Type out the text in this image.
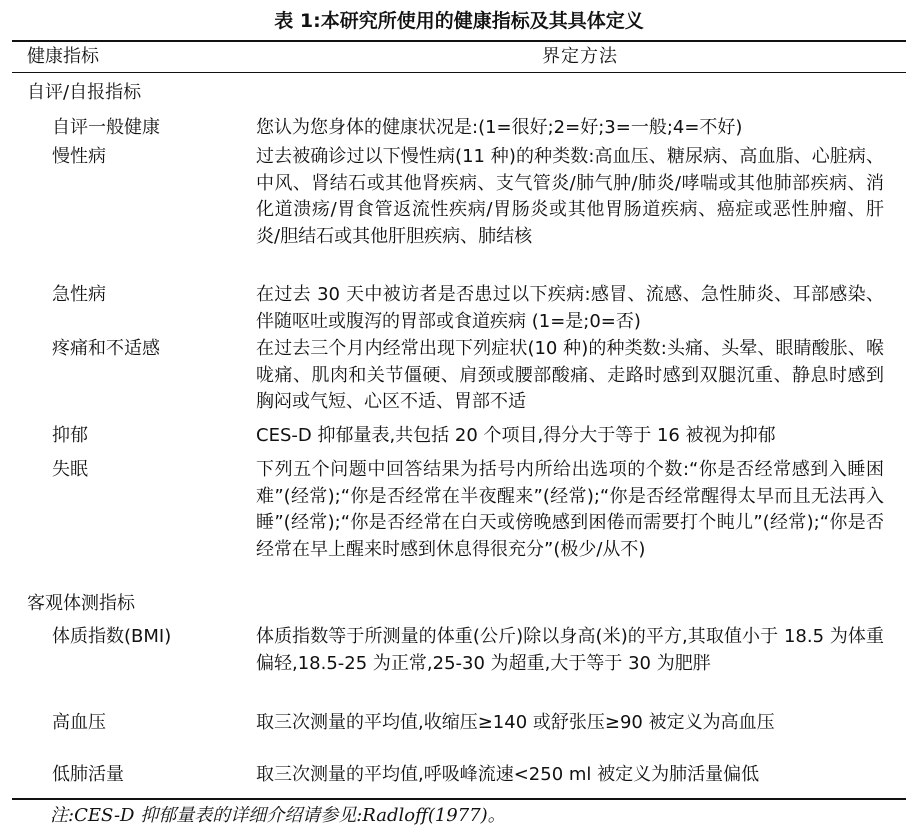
表 1:本研究所使用的健康指标及其具体定义
健康指标	界定方法
自评/自报指标
自评一般健康	您认为您身体的健康状况是:(1=很好;2=好;3=一般;4=不好)
慢性病	过去被确诊过以下慢性病(11 种)的种类数:高血压、糖尿病、高血脂、心脏病、中风、肾结石或其他肾疾病、支气管炎/肺气肿/肺炎/哮喘或其他肺部疾病、消化道溃疡/胃食管返流性疾病/胃肠炎或其他胃肠道疾病、癌症或恶性肿瘤、肝炎/胆结石或其他肝胆疾病、肺结核
急性病	在过去 30 天中被访者是否患过以下疾病:感冒、流感、急性肺炎、耳部感染、伴随呕吐或腹泻的胃部或食道疾病 (1=是;0=否)
疼痛和不适感	在过去三个月内经常出现下列症状(10 种)的种类数:头痛、头晕、眼睛酸胀、喉咙痛、肌肉和关节僵硬、肩颈或腰部酸痛、走路时感到双腿沉重、静息时感到胸闷或气短、心区不适、胃部不适
抑郁	CES-D 抑郁量表,共包括 20 个项目,得分大于等于 16 被视为抑郁
失眠	下列五个问题中回答结果为括号内所给出选项的个数:“你是否经常感到入睡困难”(经常);“你是否经常在半夜醒来”(经常);“你是否经常醒得太早而且无法再入睡”(经常);“你是否经常在白天或傍晚感到困倦而需要打个盹儿”(经常);“你是否经常在早上醒来时感到休息得很充分”(极少/从不)
客观体测指标
体质指数(BMI)	体质指数等于所测量的体重(公斤)除以身高(米)的平方,其取值小于 18.5 为体重偏轻,18.5-25 为正常,25-30 为超重,大于等于 30 为肥胖
高血压	取三次测量的平均值,收缩压≥140 或舒张压≥90 被定义为高血压
低肺活量	取三次测量的平均值,呼吸峰流速<250 ml 被定义为肺活量偏低
注:CES-D 抑郁量表的详细介绍请参见:Radloff(1977)。
